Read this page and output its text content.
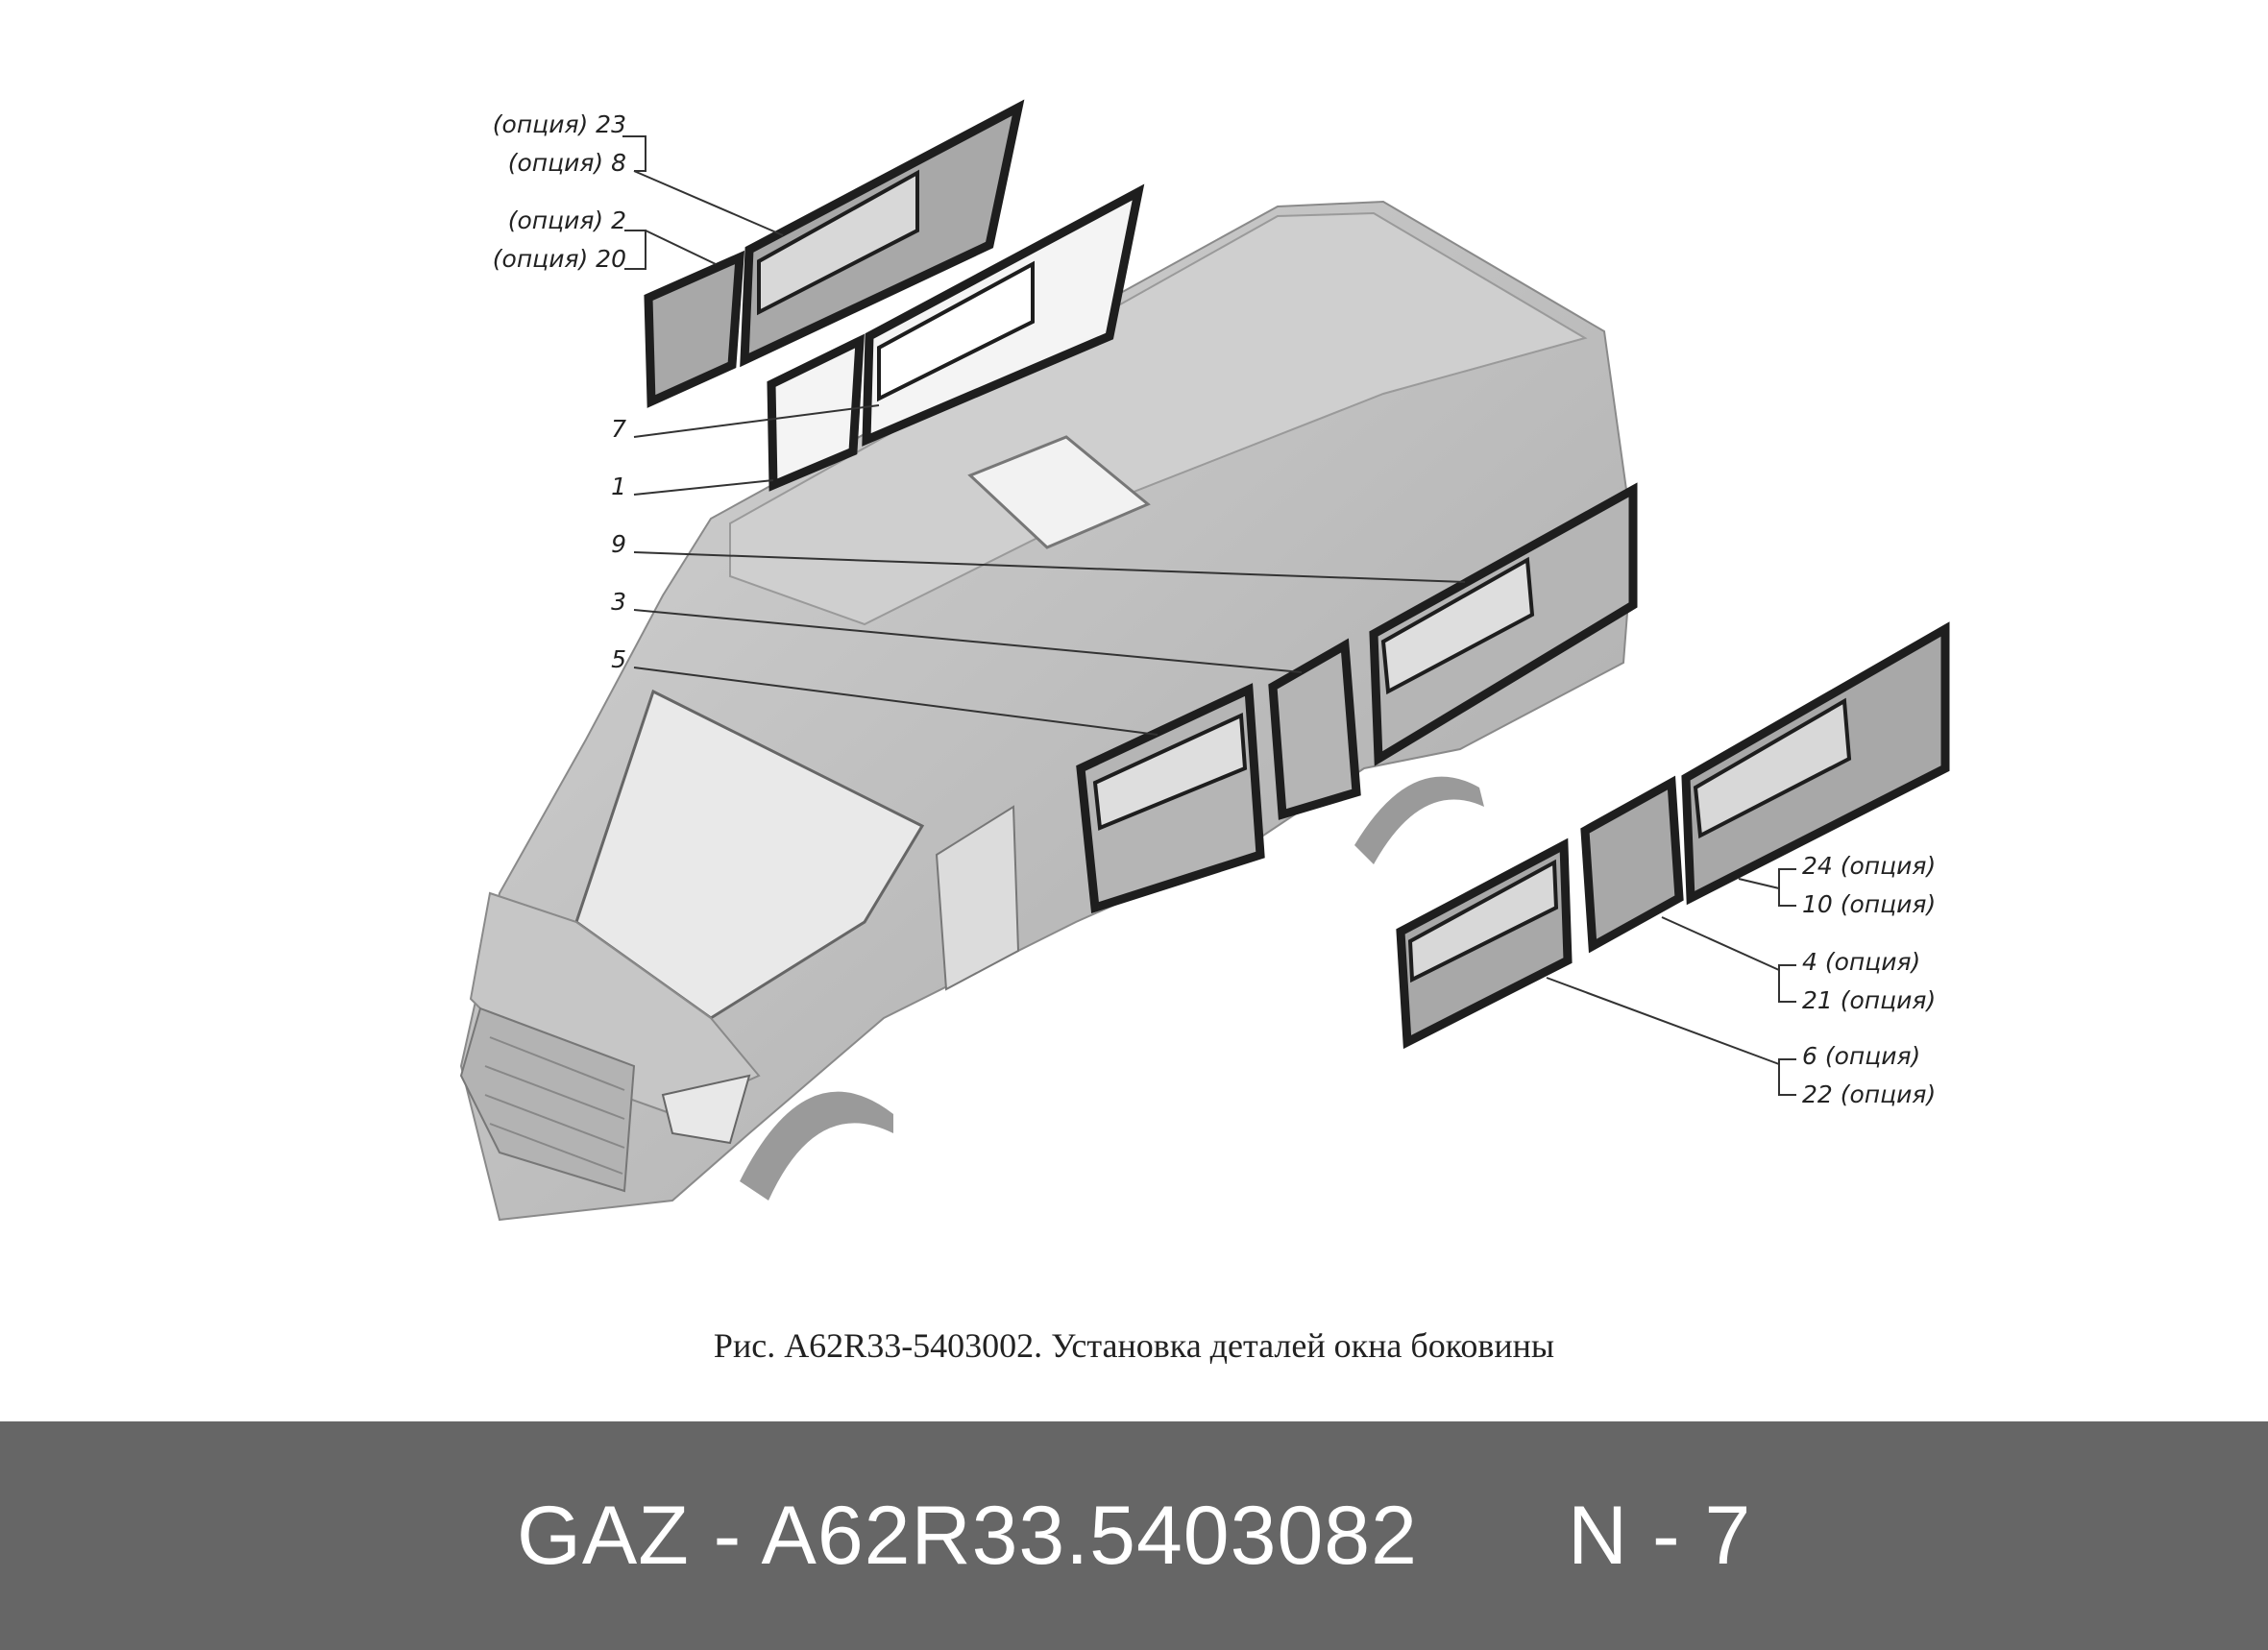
(опция) 23
(опция) 8
(опция) 2
(опция) 20
7
1
9
3
5
24 (опция)
10 (опция)
4 (опция)
21 (опция)
6 (опция)
22 (опция)
Рис. А62R33-5403002. Установка деталей окна боковины
GAZ - A62R33.5403082 N - 7
